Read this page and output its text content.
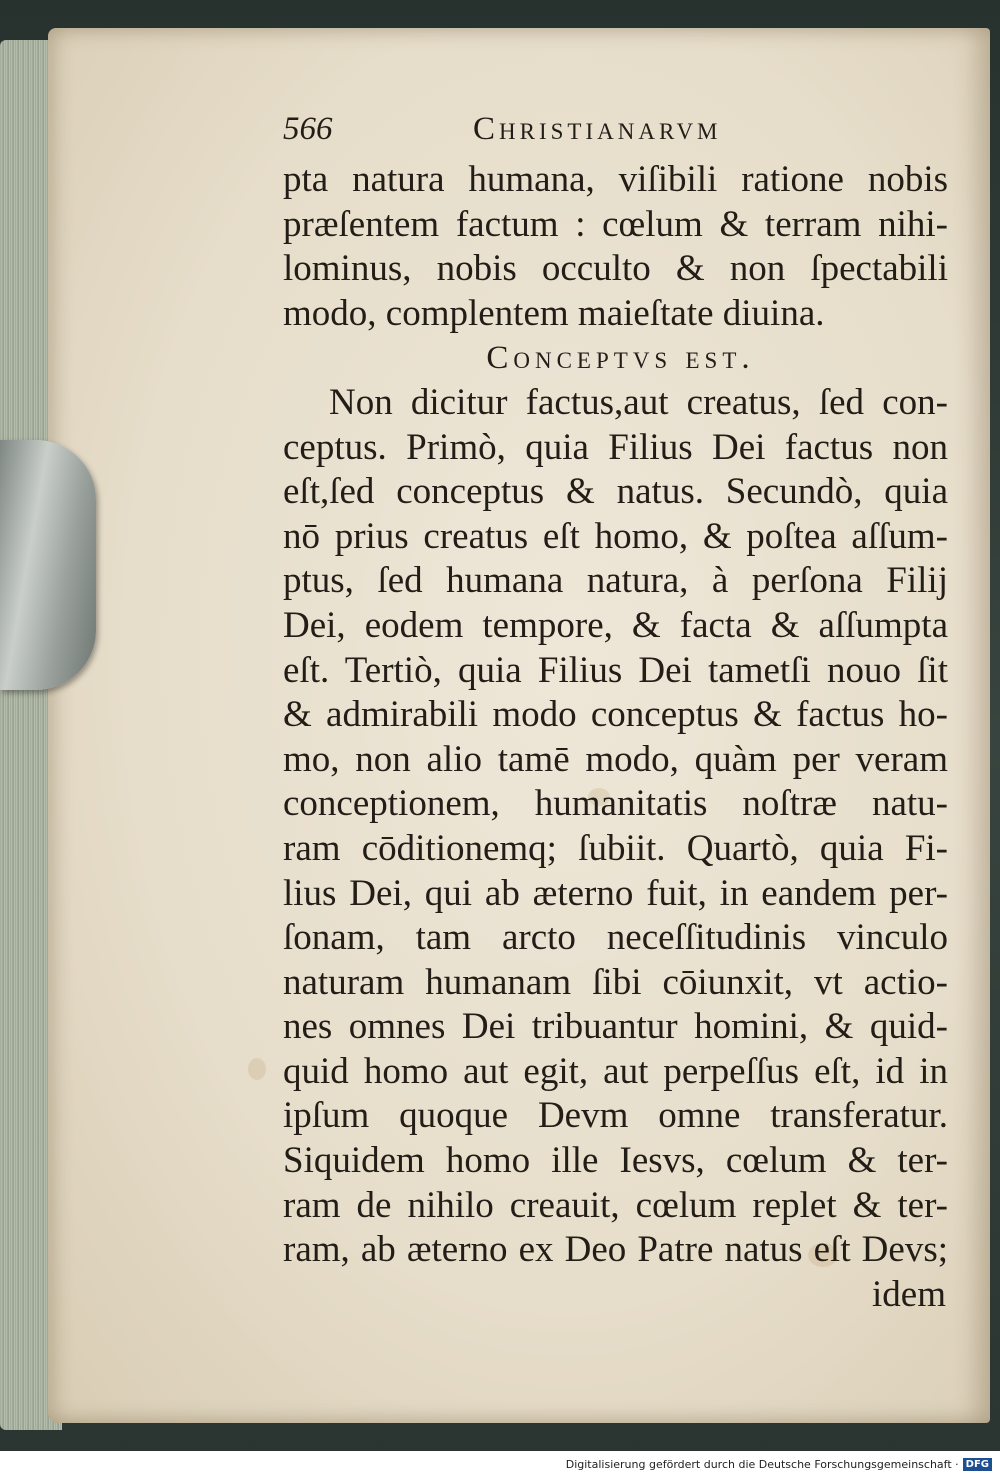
566	Christianarvm
pta natura humana, viſibili ratione nobis
præſentem factum : cœlum & terram nihi-
lominus, nobis occulto & non ſpectabili
modo, complentem maieſtate diuina.
Conceptvs est.
Non dicitur factus,aut creatus, ſed con-
ceptus. Primò, quia Filius Dei factus non
eſt,ſed conceptus & natus. Secundò, quia
nō prius creatus eſt homo, & poſtea aſſum-
ptus, ſed humana natura, à perſona Filij
Dei, eodem tempore, & facta & aſſumpta
eſt. Tertiò, quia Filius Dei tametſi nouo ſit
& admirabili modo conceptus & factus ho-
mo, non alio tamē modo, quàm per veram
conceptionem, humanitatis noſtræ natu-
ram cōditionemq; ſubiit. Quartò, quia Fi-
lius Dei, qui ab æterno fuit, in eandem per-
ſonam, tam arcto neceſſitudinis vinculo
naturam humanam ſibi cōiunxit, vt actio-
nes omnes Dei tribuantur homini, & quid-
quid homo aut egit, aut perpeſſus eſt, id in
ipſum quoque Devm omne transferatur.
Siquidem homo ille Iesvs, cœlum & ter-
ram de nihilo creauit, cœlum replet & ter-
ram, ab æterno ex Deo Patre natus eſt Devs;
idem
Digitalisierung gefördert durch die Deutsche Forschungsgemeinschaft · DFG
